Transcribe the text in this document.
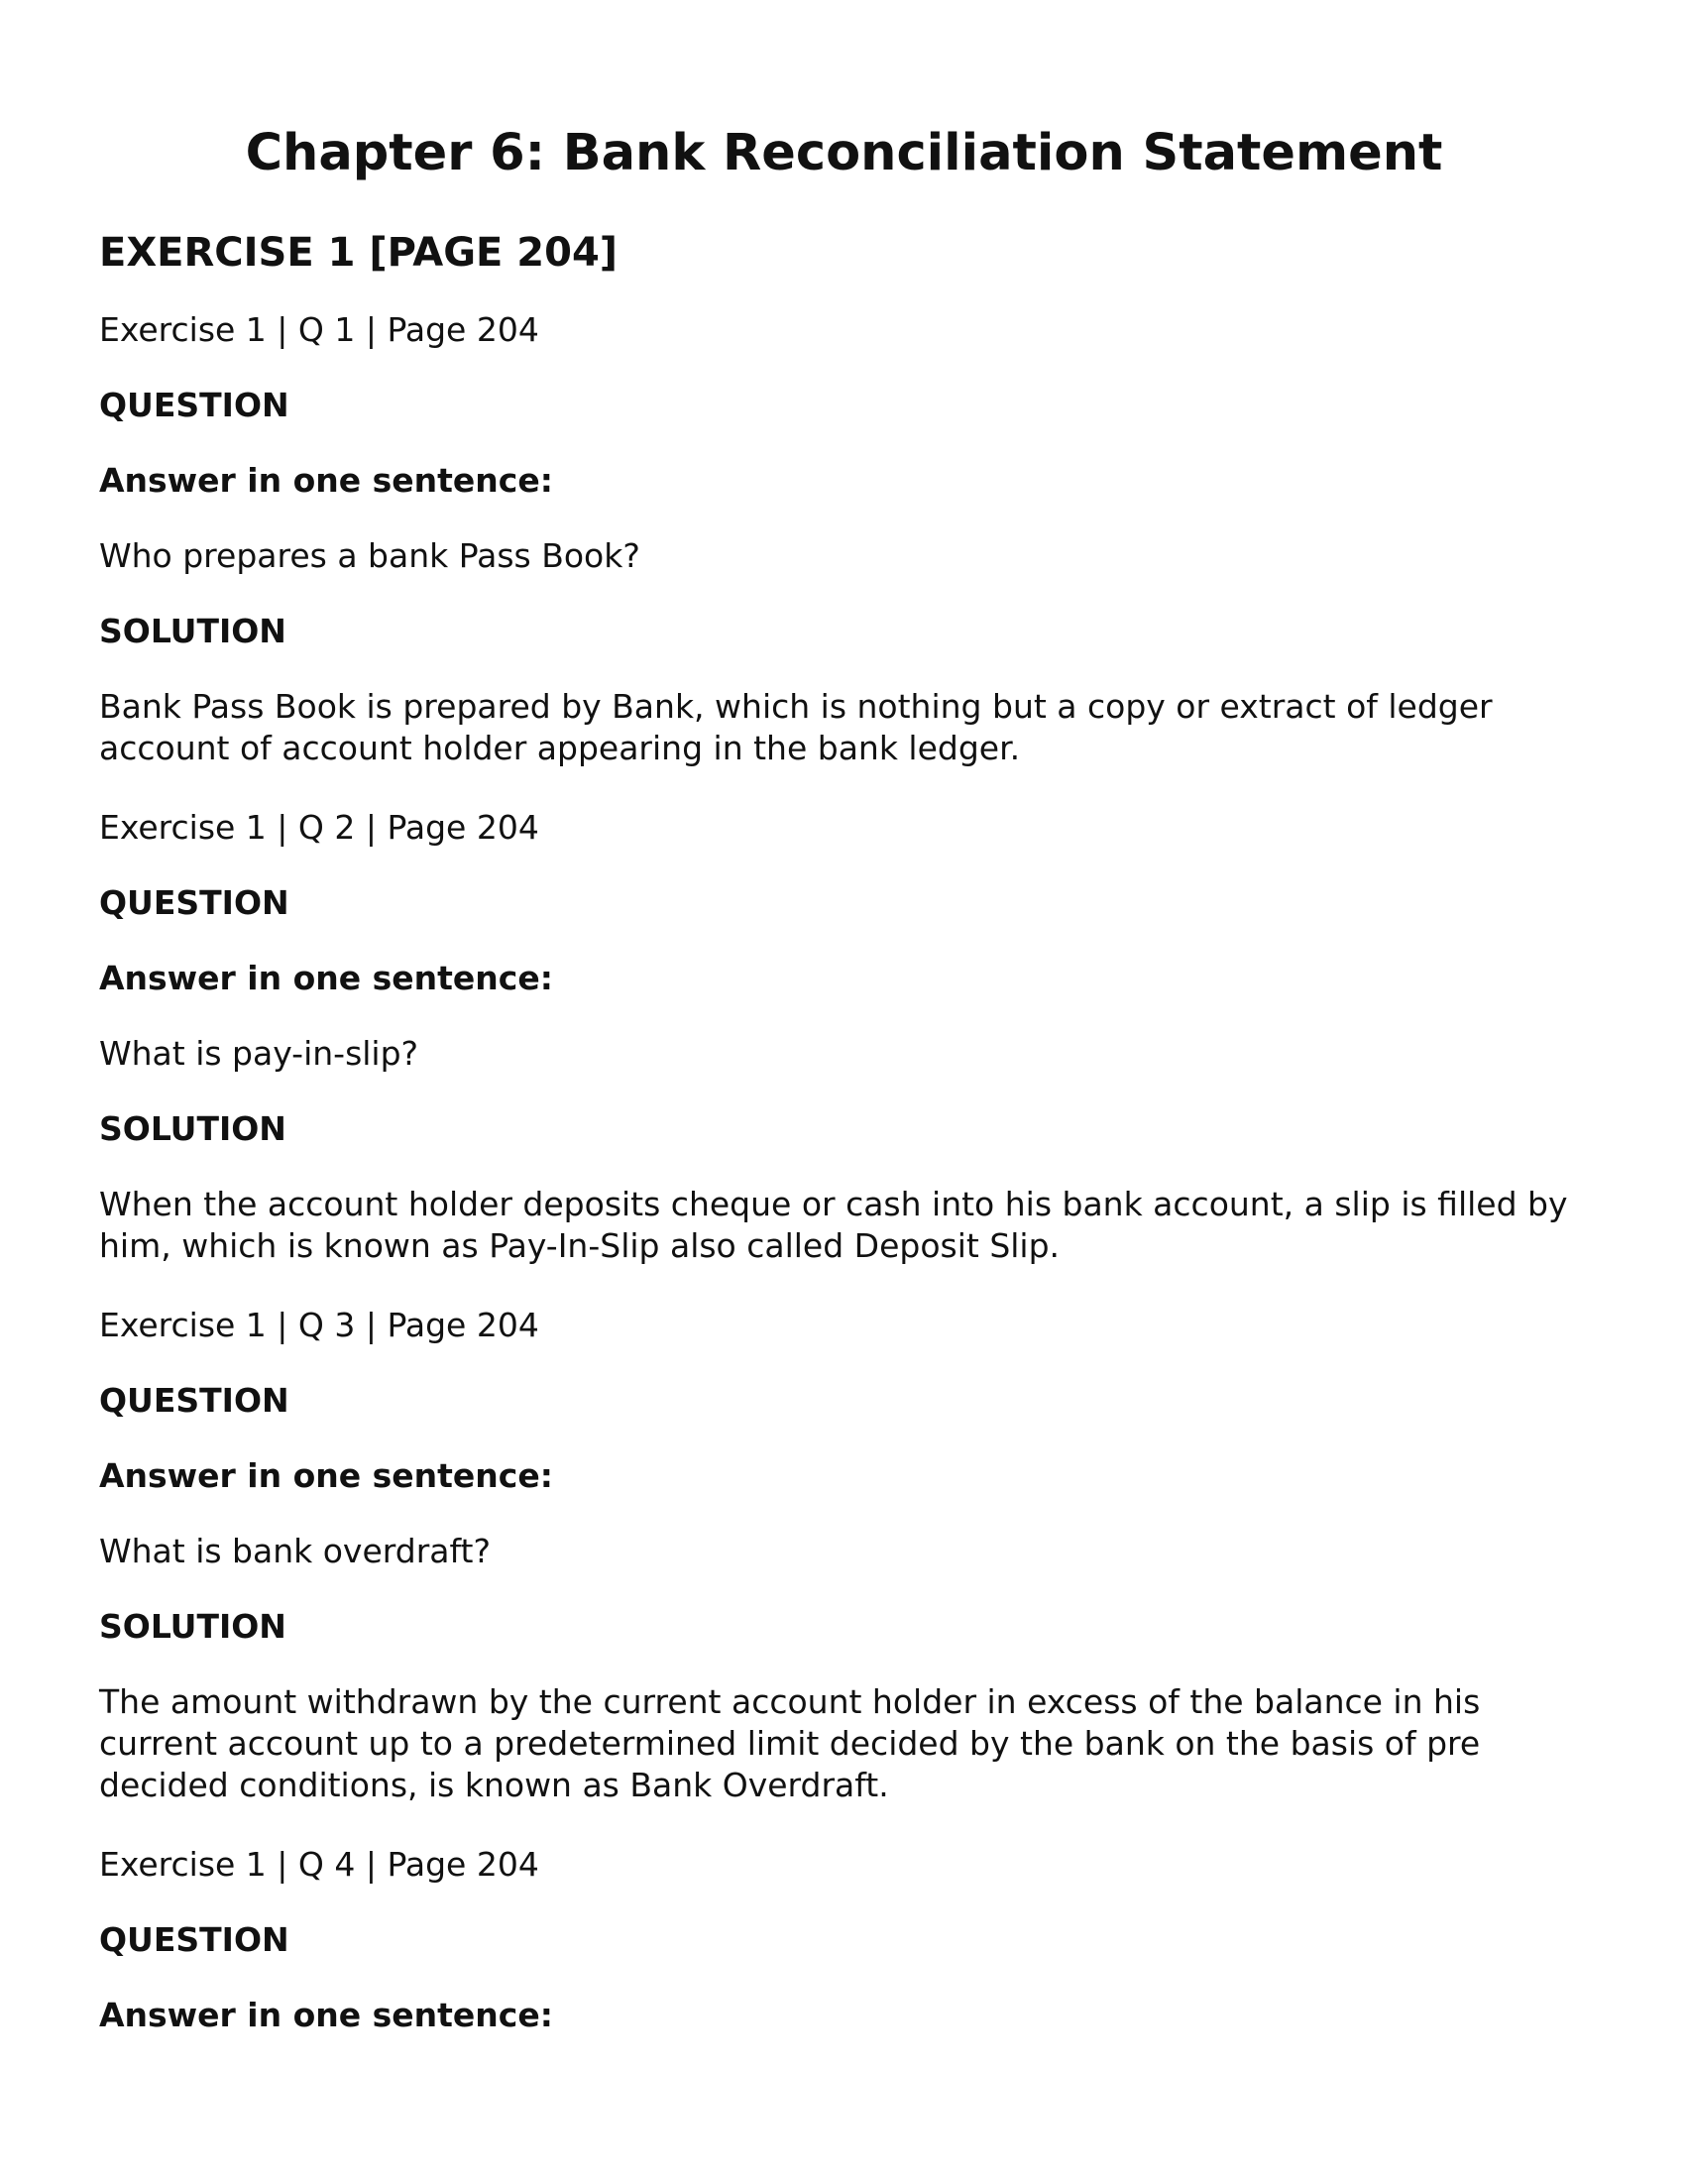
Chapter 6: Bank Reconciliation Statement
EXERCISE 1 [PAGE 204]

Exercise 1 | Q 1 | Page 204

QUESTION

Answer in one sentence:

Who prepares a bank Pass Book?

SOLUTION

Bank Pass Book is prepared by Bank, which is nothing but a copy or extract of ledger account of account holder appearing in the bank ledger.

Exercise 1 | Q 2 | Page 204

QUESTION

Answer in one sentence:

What is pay-in-slip?

SOLUTION

When the account holder deposits cheque or cash into his bank account, a slip is filled by him, which is known as Pay-In-Slip also called Deposit Slip.

Exercise 1 | Q 3 | Page 204

QUESTION

Answer in one sentence:

What is bank overdraft?

SOLUTION

The amount withdrawn by the current account holder in excess of the balance in his current account up to a predetermined limit decided by the bank on the basis of pre decided conditions, is known as Bank Overdraft.

Exercise 1 | Q 4 | Page 204

QUESTION

Answer in one sentence:
